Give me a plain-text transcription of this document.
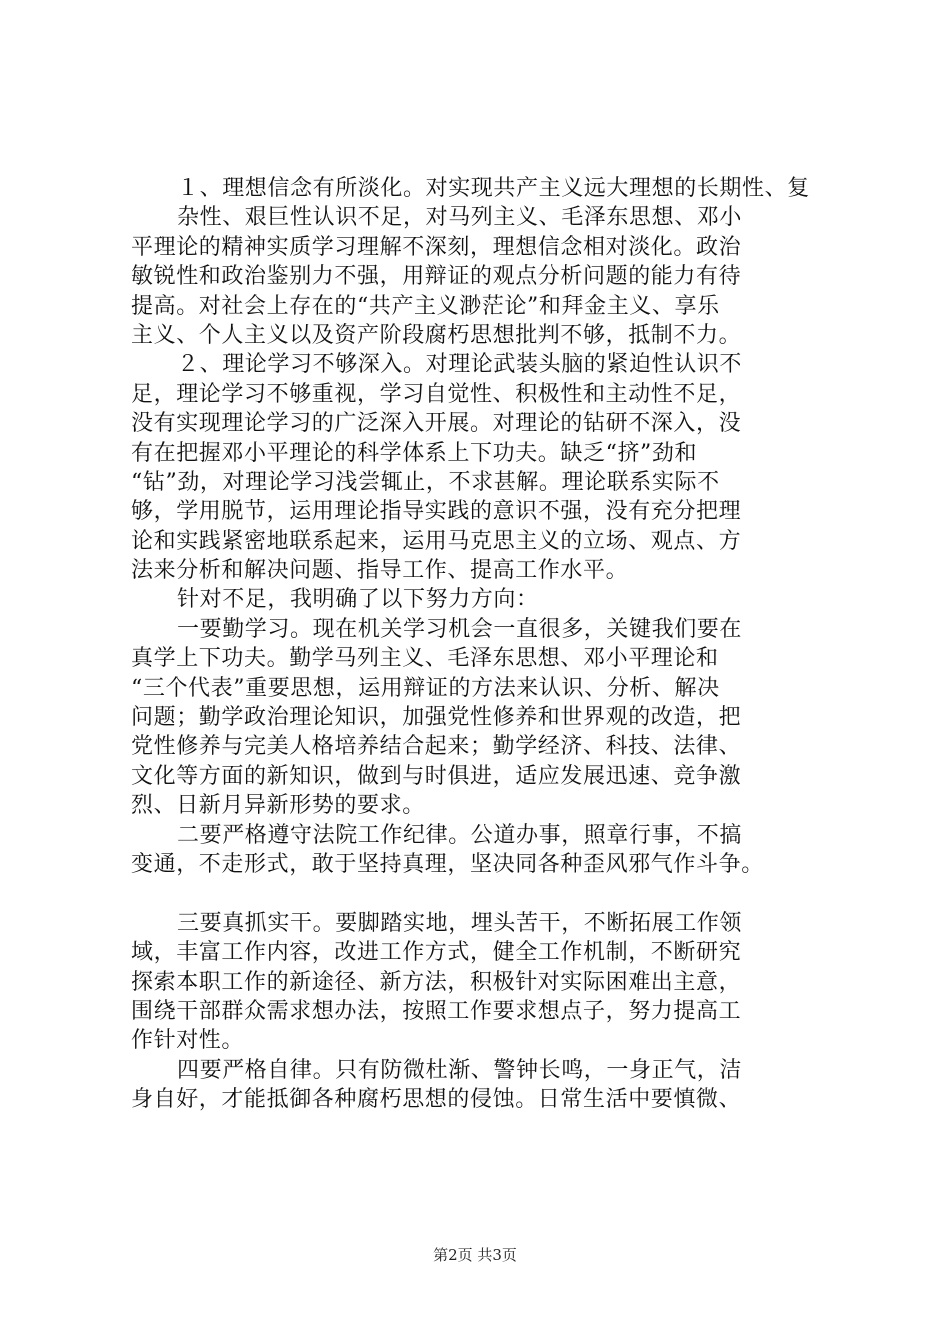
１、理想信念有所淡化。对实现共产主义远大理想的长期性、复
杂性、艰巨性认识不足，对马列主义、毛泽东思想、邓小
平理论的精神实质学习理解不深刻，理想信念相对淡化。政治
敏锐性和政治鉴别力不强，用辩证的观点分析问题的能力有待
提高。对社会上存在的“共产主义渺茫论”和拜金主义、享乐
主义、个人主义以及资产阶段腐朽思想批判不够，抵制不力。
２、理论学习不够深入。对理论武装头脑的紧迫性认识不
足，理论学习不够重视，学习自觉性、积极性和主动性不足，
没有实现理论学习的广泛深入开展。对理论的钻研不深入，没
有在把握邓小平理论的科学体系上下功夫。缺乏“挤”劲和
“钻”劲，对理论学习浅尝辄止，不求甚解。理论联系实际不
够，学用脱节，运用理论指导实践的意识不强，没有充分把理
论和实践紧密地联系起来，运用马克思主义的立场、观点、方
法来分析和解决问题、指导工作、提高工作水平。
针对不足，我明确了以下努力方向：
一要勤学习。现在机关学习机会一直很多，关键我们要在
真学上下功夫。勤学马列主义、毛泽东思想、邓小平理论和
“三个代表”重要思想，运用辩证的方法来认识、分析、解决
问题；勤学政治理论知识，加强党性修养和世界观的改造，把
党性修养与完美人格培养结合起来；勤学经济、科技、法律、
文化等方面的新知识，做到与时俱进，适应发展迅速、竞争激
烈、日新月异新形势的要求。
二要严格遵守法院工作纪律。公道办事，照章行事，不搞
变通，不走形式，敢于坚持真理，坚决同各种歪风邪气作斗争。
三要真抓实干。要脚踏实地，埋头苦干，不断拓展工作领
域，丰富工作内容，改进工作方式，健全工作机制，不断研究
探索本职工作的新途径、新方法，积极针对实际困难出主意，
围绕干部群众需求想办法，按照工作要求想点子，努力提高工
作针对性。
四要严格自律。只有防微杜渐、警钟长鸣，一身正气，洁
身自好，才能抵御各种腐朽思想的侵蚀。日常生活中要慎微、
第2页 共3页
